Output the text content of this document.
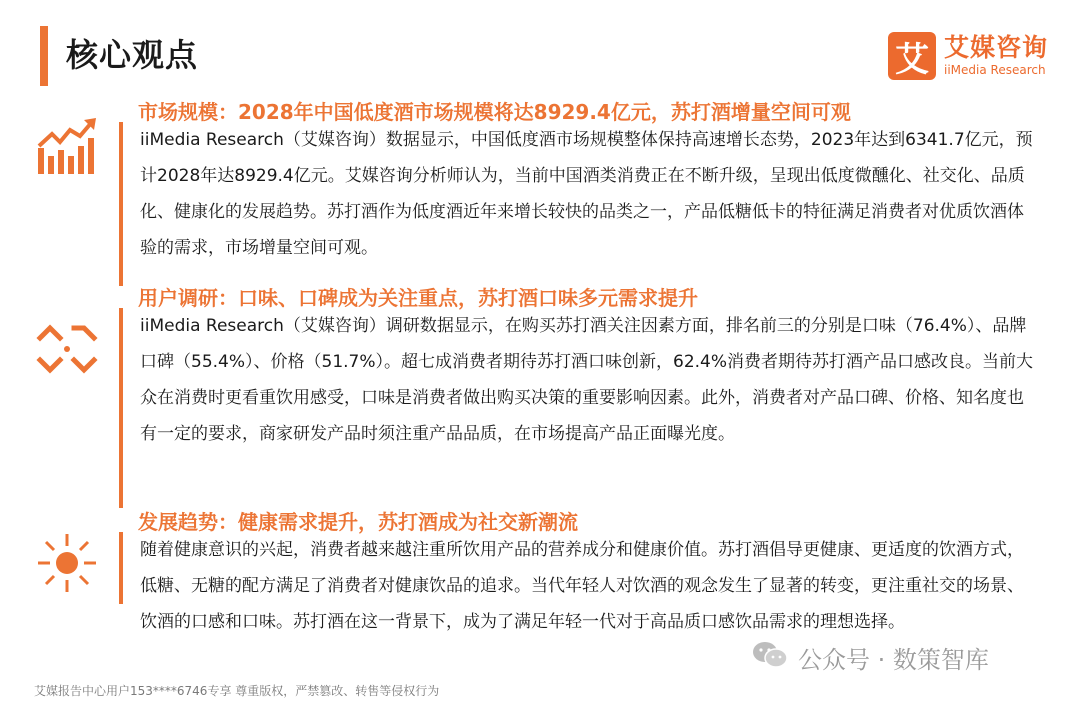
核心观点	艾 艾媒咨询
iiMedia Research
市场规模：2028年中国低度酒市场规模将达8929.4亿元，苏打酒增量空间可观
iiMedia Research（艾媒咨询）数据显示，中国低度酒市场规模整体保持高速增长态势，2023年达到6341.7亿元，预计2028年达8929.4亿元。艾媒咨询分析师认为，当前中国酒类消费正在不断升级，呈现出低度微醺化、社交化、品质化、健康化的发展趋势。苏打酒作为低度酒近年来增长较快的品类之一，产品低糖低卡的特征满足消费者对优质饮酒体验的需求，市场增量空间可观。
用户调研：口味、口碑成为关注重点，苏打酒口味多元需求提升
iiMedia Research（艾媒咨询）调研数据显示，在购买苏打酒关注因素方面，排名前三的分别是口味（76.4%）、品牌口碑（55.4%）、价格（51.7%）。超七成消费者期待苏打酒口味创新，62.4%消费者期待苏打酒产品口感改良。当前大众在消费时更看重饮用感受，口味是消费者做出购买决策的重要影响因素。此外，消费者对产品口碑、价格、知名度也有一定的要求，商家研发产品时须注重产品品质，在市场提高产品正面曝光度。
发展趋势：健康需求提升，苏打酒成为社交新潮流
随着健康意识的兴起，消费者越来越注重所饮用产品的营养成分和健康价值。苏打酒倡导更健康、更适度的饮酒方式，低糖、无糖的配方满足了消费者对健康饮品的追求。当代年轻人对饮酒的观念发生了显著的转变，更注重社交的场景、饮酒的口感和口味。苏打酒在这一背景下，成为了满足年轻一代对于高品质口感饮品需求的理想选择。
公众号 · 数策智库
艾媒报告中心用户153****6746专享 尊重版权，严禁篡改、转售等侵权行为
